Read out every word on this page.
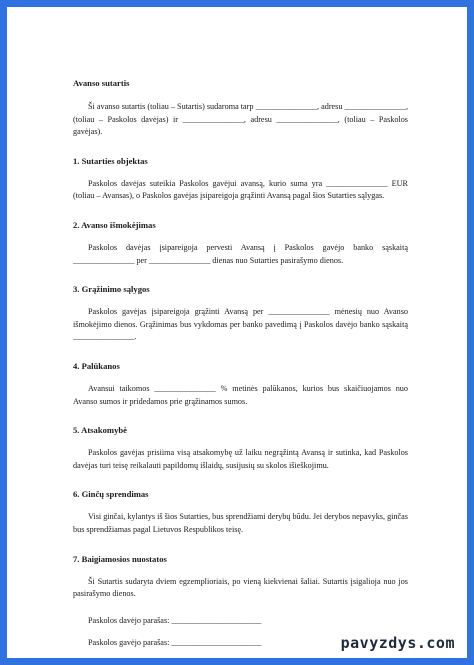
Avanso sutartis

Ši avanso sutartis (toliau – Sutartis) sudaroma tarp _______________, adresu _______________, (toliau – Paskolos davėjas) ir _______________, adresu _______________, (toliau – Paskolos gavėjas).

1. Sutarties objektas

Paskolos davėjas suteikia Paskolos gavėjui avansą, kurio suma yra _______________ EUR (toliau – Avansas), o Paskolos gavėjas įsipareigoja grąžinti Avansą pagal šios Sutarties sąlygas.

2. Avanso išmokėjimas

Paskolos davėjas įsipareigoja pervesti Avansą į Paskolos gavėjo banko sąskaitą _______________ per _______________ dienas nuo Sutarties pasirašymo dienos.

3. Grąžinimo sąlygos

Paskolos gavėjas įsipareigoja grąžinti Avansą per _______________ mėnesių nuo Avanso išmokėjimo dienos. Grąžinimas bus vykdomas per banko pavedimą į Paskolos davėjo banko sąskaitą _______________.

4. Palūkanos

Avansui taikomos _______________ % metinės palūkanos, kurios bus skaičiuojamos nuo Avanso sumos ir pridedamos prie grąžinamos sumos.

5. Atsakomybė

Paskolos gavėjas prisiima visą atsakomybę už laiku negrąžintą Avansą ir sutinka, kad Paskolos davėjas turi teisę reikalauti papildomų išlaidų, susijusių su skolos išieškojimu.

6. Ginčų sprendimas

Visi ginčai, kylantys iš šios Sutarties, bus sprendžiami derybų būdu. Jei derybos nepavyks, ginčas bus sprendžiamas pagal Lietuvos Respublikos teisę.

7. Baigiamosios nuostatos

Ši Sutartis sudaryta dviem egzemplioriais, po vieną kiekvienai šaliai. Sutartis įsigalioja nuo jos pasirašymo dienos.

Paskolos davėjo parašas: ______________________
Paskolos gavėjo parašas: ______________________	pavyzdys.com
